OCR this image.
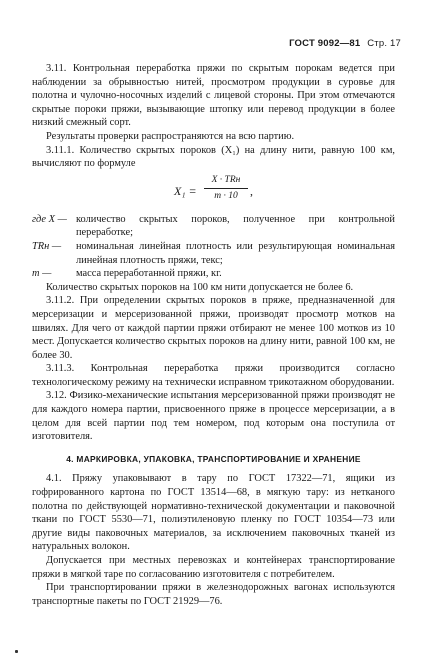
ГОСТ 9092—81 Стр. 17

3.11. Контрольная переработка пряжи по скрытым порокам ведется при наблюдении за обрывностью нитей, просмотром продукции в суровье для полотна и чулочно-носочных изделий с лицевой стороны. При этом отмечаются скрытые пороки пряжи, вызывающие штопку или перевод продукции в более низкий смежный сорт.

Результаты проверки распространяются на всю партию.

3.11.1. Количество скрытых пороков (X₁) на длину нити, равную 100 км, вычисляют по формуле

X₁ =
X · TRн
m · 10	,
где X — количество скрытых пороков, полученное при контрольной переработке;
TRн —	номинальная линейная плотность или результирующая номинальная линейная плотность пряжи, текс;
m —	масса переработанной пряжи, кг.

Количество скрытых пороков на 100 км нити допускается не более 6.

3.11.2. При определении скрытых пороков в пряже, предназначенной для мерсеризации и мерсеризованной пряжи, производят просмотр мотков на швилях. Для чего от каждой партии пряжи отбирают не менее 100 мотков из 10 мест. Допускается количество скрытых пороков на длину нити, равной 100 км, не более 30.

3.11.3. Контрольная переработка пряжи производится согласно технологическому режиму на технически исправном трикотажном оборудовании.

3.12. Физико-механические испытания мерсеризованной пряжи производят не для каждого номера партии, присвоенного пряже в процессе мерсеризации, а в целом для всей партии под тем номером, под которым она поступила от изготовителя.

4. МАРКИРОВКА, УПАКОВКА, ТРАНСПОРТИРОВАНИЕ И ХРАНЕНИЕ

4.1. Пряжу упаковывают в тару по ГОСТ 17322—71, ящики из гофрированного картона по ГОСТ 13514—68, в мягкую тару: из нетканого полотна по действующей нормативно-технической документации и паковочной ткани по ГОСТ 5530—71, полиэтиленовую пленку по ГОСТ 10354—73 или другие виды паковочных материалов, за исключением паковочных тканей из натуральных волокон.

Допускается при местных перевозках и контейнерах транспортирование пряжи в мягкой таре по согласованию изготовителя с потребителем.

При транспортировании пряжи в железнодорожных вагонах используются транспортные пакеты по ГОСТ 21929—76.
